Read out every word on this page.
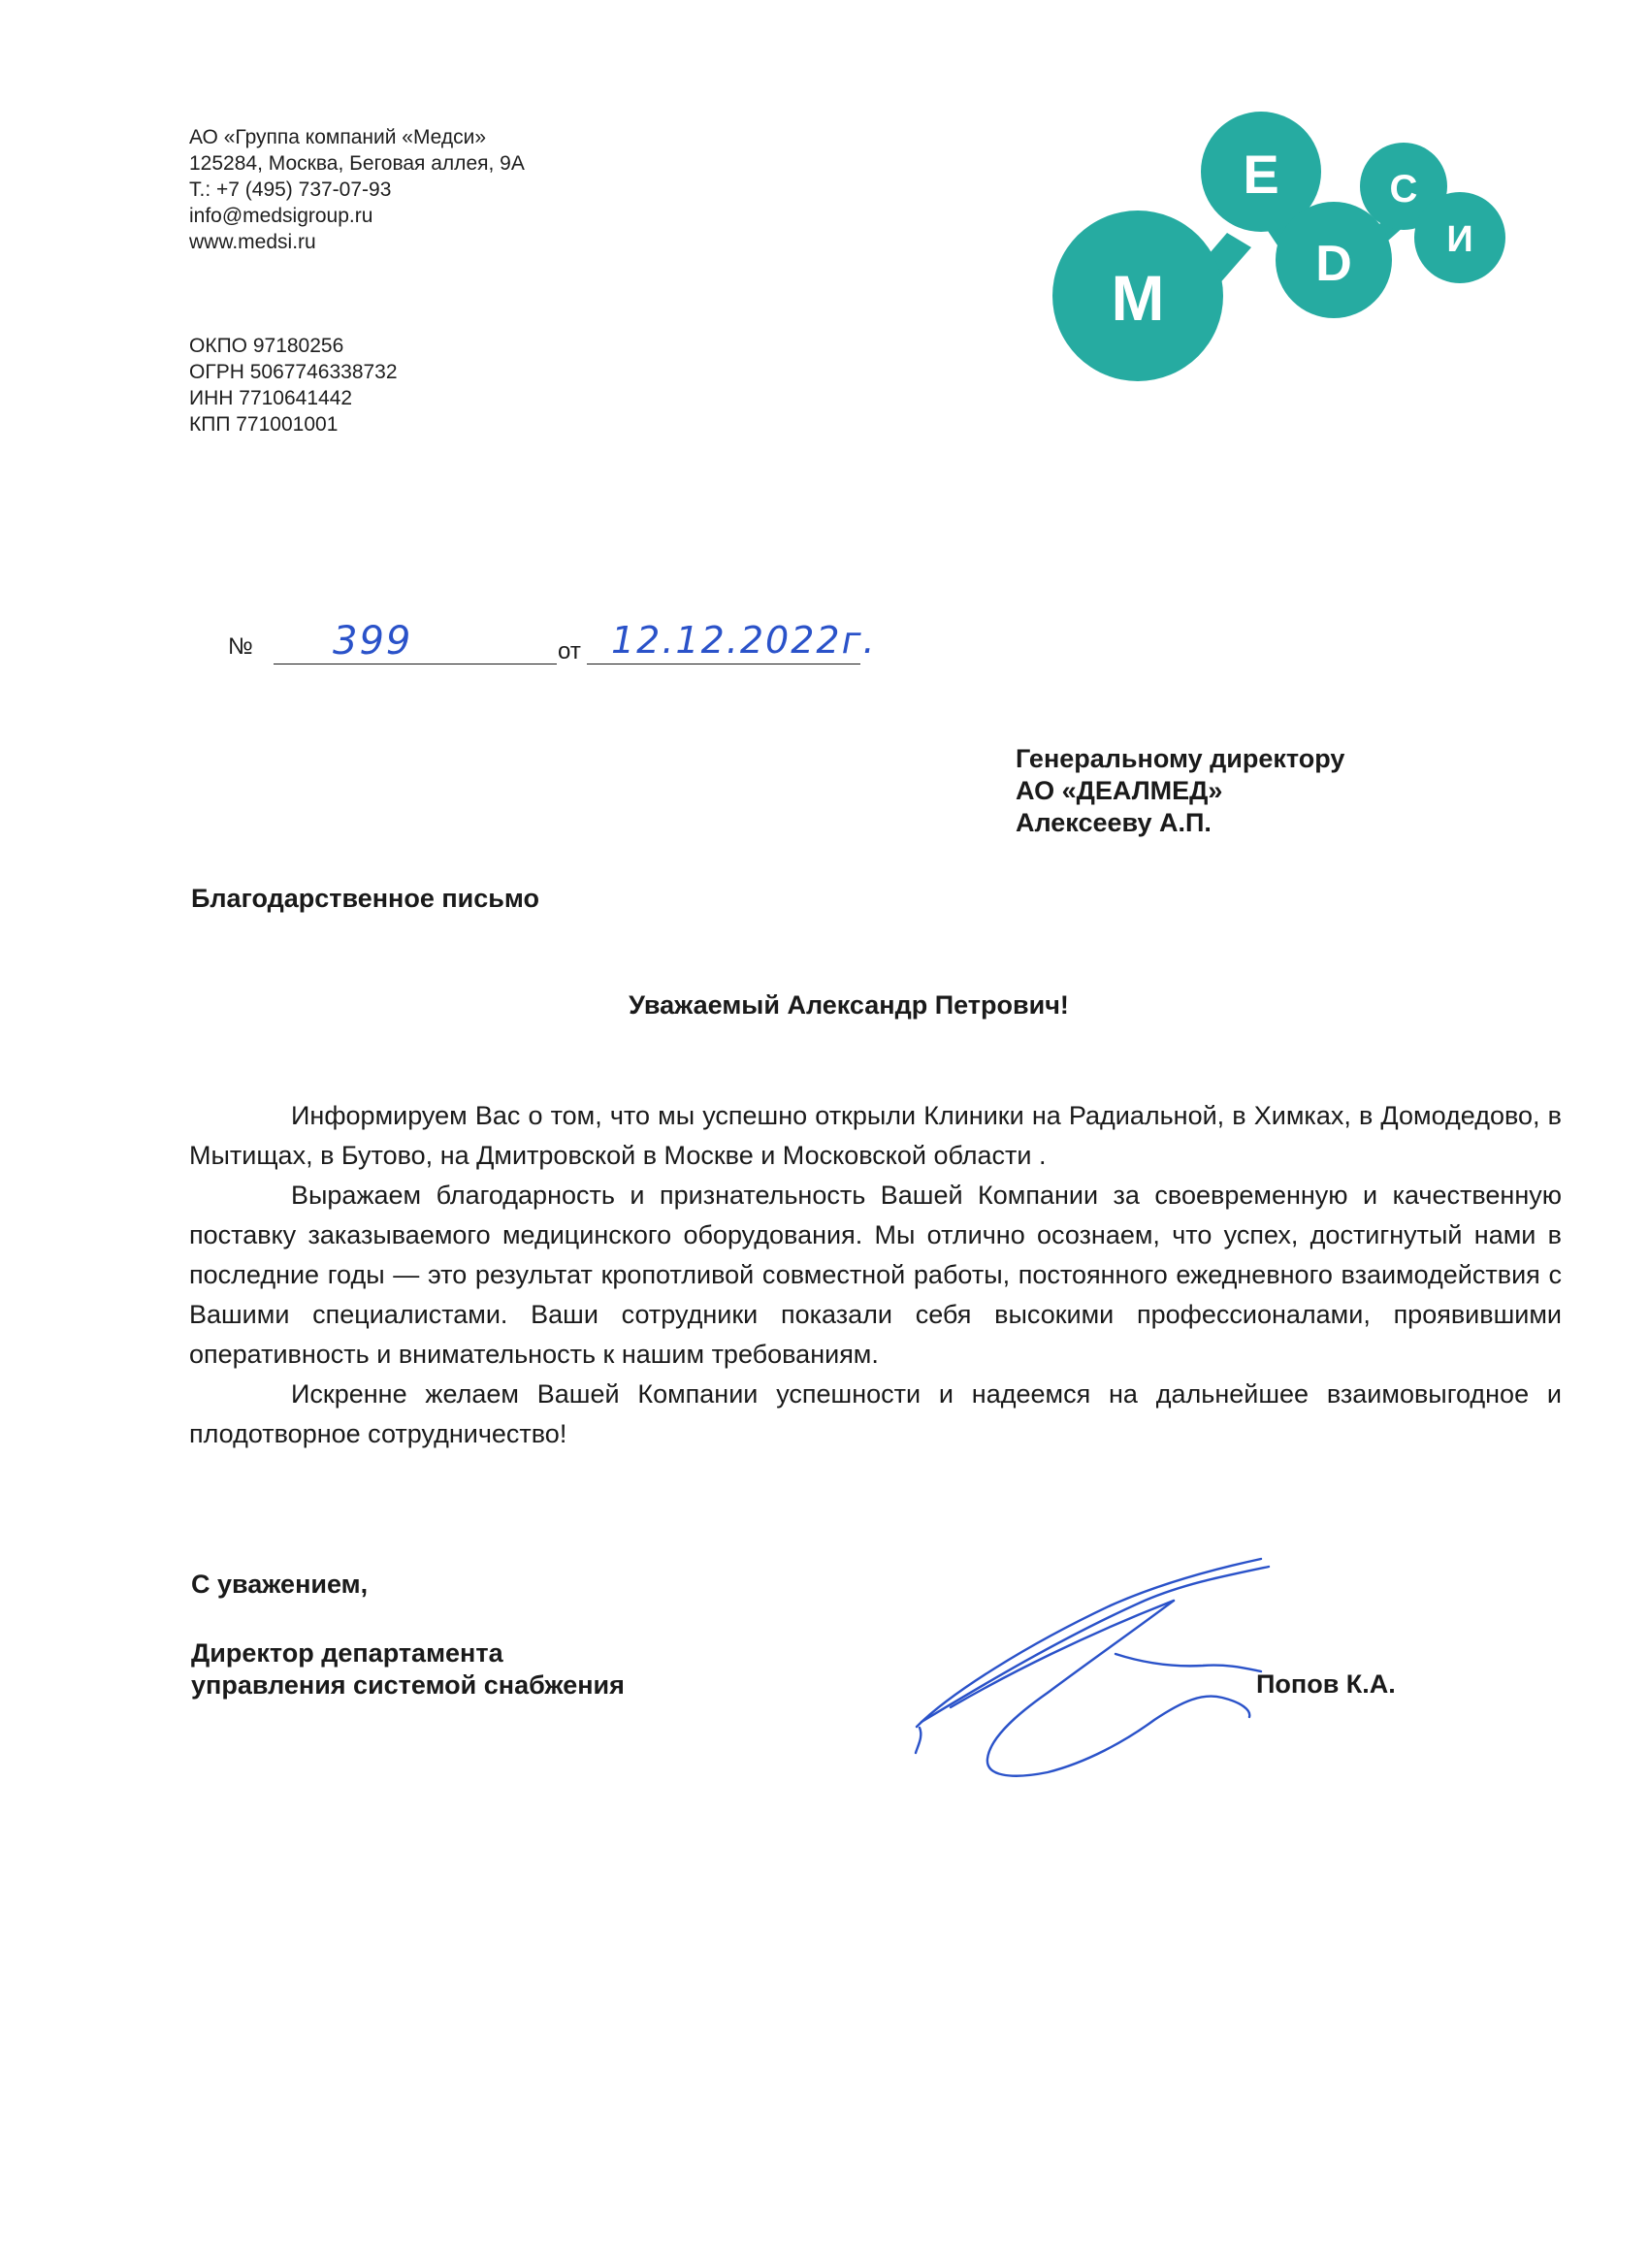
АО «Группа компаний «Медси»
125284, Москва, Беговая аллея, 9А
Т.: +7 (495) 737-07-93
info@medsigroup.ru
www.medsi.ru
ОКПО 97180256
ОГРН 5067746338732
ИНН 7710641442
КПП 771001001
М
Е
D
С
И
№ 399	от 12.12.2022г.
Генеральному директору
АО «ДЕАЛМЕД»
Алексееву А.П.
Благодарственное письмо
Уважаемый Александр Петрович!

Информируем Вас о том, что мы успешно открыли Клиники на Радиальной, в Химках, в Домодедово, в Мытищах, в Бутово, на Дмитровской в Москве и Московской области .

Выражаем благодарность и признательность Вашей Компании за своевременную и качественную поставку заказываемого медицинского оборудования. Мы отлично осознаем, что успех, достигнутый нами в последние годы — это результат кропотливой совместной работы, постоянного ежедневного взаимодействия с Вашими специалистами. Ваши сотрудники показали себя высокими профессионалами, проявившими оперативность и внимательность к нашим требованиям.

Искренне желаем Вашей Компании успешности и надеемся на дальнейшее взаимовыгодное и плодотворное сотрудничество!

С уважением,
Директор департамента
управления системой снабжения	Попов К.А.
